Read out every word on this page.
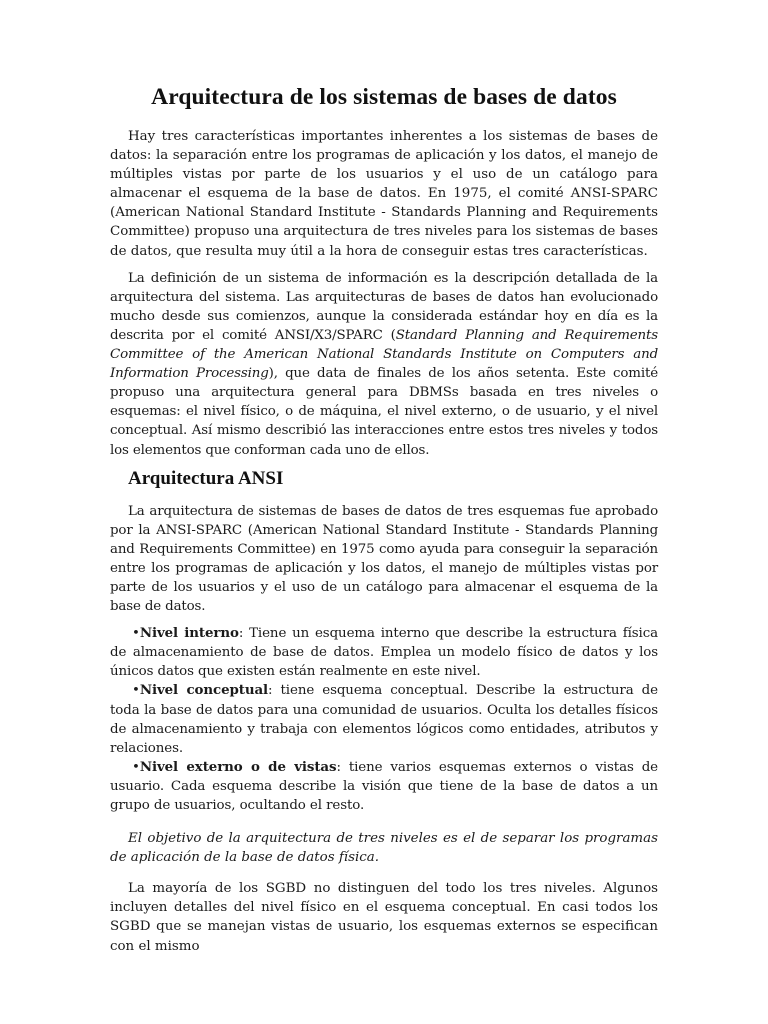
Arquitectura de los sistemas de bases de datos

Hay tres características importantes inherentes a los sistemas de bases de datos: la separación entre los programas de aplicación y los datos, el manejo de múltiples vistas por parte de los usuarios y el uso de un catálogo para almacenar el esquema de la base de datos. En 1975, el comité ANSI-SPARC (American National Standard Institute - Standards Planning and Requirements Committee) propuso una arquitectura de tres niveles para los sistemas de bases de datos, que resulta muy útil a la hora de conseguir estas tres características.

La definición de un sistema de información es la descripción detallada de la arquitectura del sistema. Las arquitecturas de bases de datos han evolucionado mucho desde sus comienzos, aunque la considerada estándar hoy en día es la descrita por el comité ANSI/X3/SPARC (Standard Planning and Requirements Committee of the American National Standards Institute on Computers and Information Processing), que data de finales de los años setenta. Este comité propuso una arquitectura general para DBMSs basada en tres niveles o esquemas: el nivel físico, o de máquina, el nivel externo, o de usuario, y el nivel conceptual. Así mismo describió las interacciones entre estos tres niveles y todos los elementos que conforman cada uno de ellos.

Arquitectura ANSI

La arquitectura de sistemas de bases de datos de tres esquemas fue aprobado por la ANSI-SPARC (American National Standard Institute - Standards Planning and Requirements Committee) en 1975 como ayuda para conseguir la separación entre los programas de aplicación y los datos, el manejo de múltiples vistas por parte de los usuarios y el uso de un catálogo para almacenar el esquema de la base de datos.

•Nivel interno: Tiene un esquema interno que describe la estructura física de almacenamiento de base de datos. Emplea un modelo físico de datos y los únicos datos que existen están realmente en este nivel.
•Nivel conceptual: tiene esquema conceptual. Describe la estructura de toda la base de datos para una comunidad de usuarios. Oculta los detalles físicos de almacenamiento y trabaja con elementos lógicos como entidades, atributos y relaciones.
•Nivel externo o de vistas: tiene varios esquemas externos o vistas de usuario. Cada esquema describe la visión que tiene de la base de datos a un grupo de usuarios, ocultando el resto.

El objetivo de la arquitectura de tres niveles es el de separar los programas de aplicación de la base de datos física.

La mayoría de los SGBD no distinguen del todo los tres niveles. Algunos incluyen detalles del nivel físico en el esquema conceptual. En casi todos los SGBD que se manejan vistas de usuario, los esquemas externos se especifican con el mismo
